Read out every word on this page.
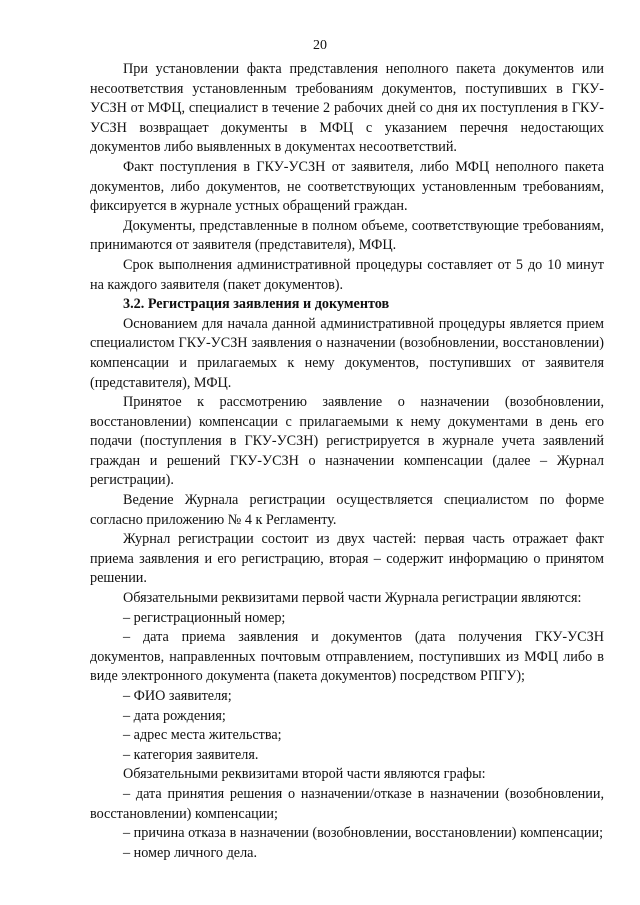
20

При установлении факта представления неполного пакета документов или несоответствия установленным требованиям документов, поступивших в ГКУ-УСЗН от МФЦ, специалист в течение 2 рабочих дней со дня их поступления в ГКУ-УСЗН возвращает документы в МФЦ с указанием перечня недостающих документов либо выявленных в документах несоответствий.

Факт поступления в ГКУ-УСЗН от заявителя, либо МФЦ неполного пакета документов, либо документов, не соответствующих установленным требованиям, фиксируется в журнале устных обращений граждан.

Документы, представленные в полном объеме, соответствующие требованиям, принимаются от заявителя (представителя), МФЦ.

Срок выполнения административной процедуры составляет от 5 до 10 минут на каждого заявителя (пакет документов).

3.2. Регистрация заявления и документов

Основанием для начала данной административной процедуры является прием специалистом ГКУ-УСЗН заявления о назначении (возобновлении, восстановлении) компенсации и прилагаемых к нему документов, поступивших от заявителя (представителя), МФЦ.

Принятое к рассмотрению заявление о назначении (возобновлении, восстановлении) компенсации с прилагаемыми к нему документами в день его подачи (поступления в ГКУ-УСЗН) регистрируется в журнале учета заявлений граждан и решений ГКУ-УСЗН о назначении компенсации (далее – Журнал регистрации).

Ведение Журнала регистрации осуществляется специалистом по форме согласно приложению № 4 к Регламенту.

Журнал регистрации состоит из двух частей: первая часть отражает факт приема заявления и его регистрацию, вторая – содержит информацию о принятом решении.

Обязательными реквизитами первой части Журнала регистрации являются:

– регистрационный номер;

– дата приема заявления и документов (дата получения ГКУ-УСЗН документов, направленных почтовым отправлением, поступивших из МФЦ либо в виде электронного документа (пакета документов) посредством РПГУ);

– ФИО заявителя;

– дата рождения;

– адрес места жительства;

– категория заявителя.

Обязательными реквизитами второй части являются графы:

– дата принятия решения о назначении/отказе в назначении (возобновлении, восстановлении) компенсации;

– причина отказа в назначении (возобновлении, восстановлении) компенсации;

– номер личного дела.
